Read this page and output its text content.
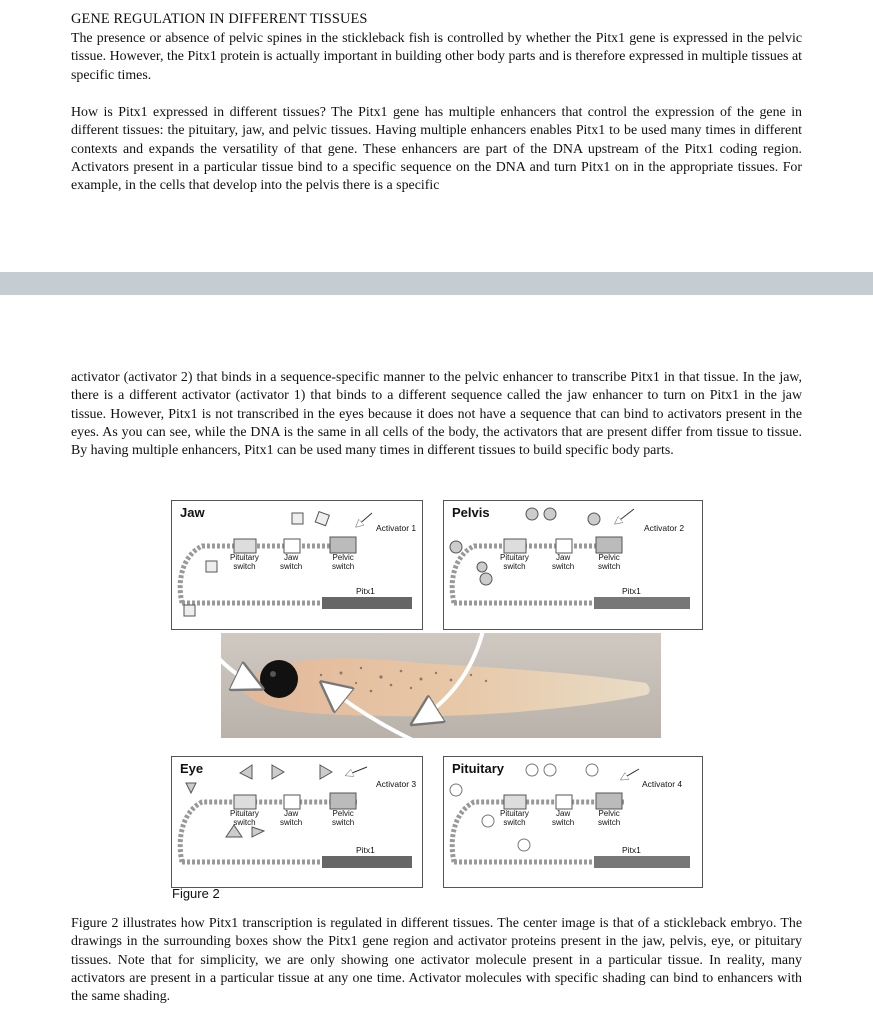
GENE REGULATION IN DIFFERENT TISSUES

The presence or absence of pelvic spines in the stickleback fish is controlled by whether the Pitx1 gene is expressed in the pelvic tissue. However, the Pitx1 protein is actually important in building other body parts and is therefore expressed in multiple tissues at specific times.

How is Pitx1 expressed in different tissues? The Pitx1 gene has multiple enhancers that control the expression of the gene in different tissues: the pituitary, jaw, and pelvic tissues. Having multiple enhancers enables Pitx1 to be used many times in different contexts and expands the versatility of that gene. These enhancers are part of the DNA upstream of the Pitx1 coding region. Activators present in a particular tissue bind to a specific sequence on the DNA and turn Pitx1 on in the appropriate tissues. For example, in the cells that develop into the pelvis there is a specific

activator (activator 2) that binds in a sequence-specific manner to the pelvic enhancer to transcribe Pitx1 in that tissue. In the jaw, there is a different activator (activator 1) that binds to a different sequence called the jaw enhancer to turn on Pitx1 in the jaw tissue. However, Pitx1 is not transcribed in the eyes because it does not have a sequence that can bind to activators present in the eyes. As you can see, while the DNA is the same in all cells of the body, the activators that are present differ from tissue to tissue. By having multiple enhancers, Pitx1 can be used many times in different tissues to build specific body parts.

Jaw
Activator 1
Pituitary
switch
Jaw
switch
Pelvic
switch
Pitx1
Pelvis
Activator 2
Pituitary
switch
Jaw
switch
Pelvic
switch
Pitx1
Eye
Activator 3
Pituitary
switch
Jaw
switch
Pelvic
switch
Pitx1
Pituitary
Activator 4
Pituitary
switch
Jaw
switch
Pelvic
switch
Pitx1
Figure 2

Figure 2 illustrates how Pitx1 transcription is regulated in different tissues. The center image is that of a stickleback embryo. The drawings in the surrounding boxes show the Pitx1 gene region and activator proteins present in the jaw, pelvis, eye, or pituitary tissues. Note that for simplicity, we are only showing one activator molecule present in a particular tissue. In reality, many activators are present in a particular tissue at any one time. Activator molecules with specific shading can bind to enhancers with the same shading.
